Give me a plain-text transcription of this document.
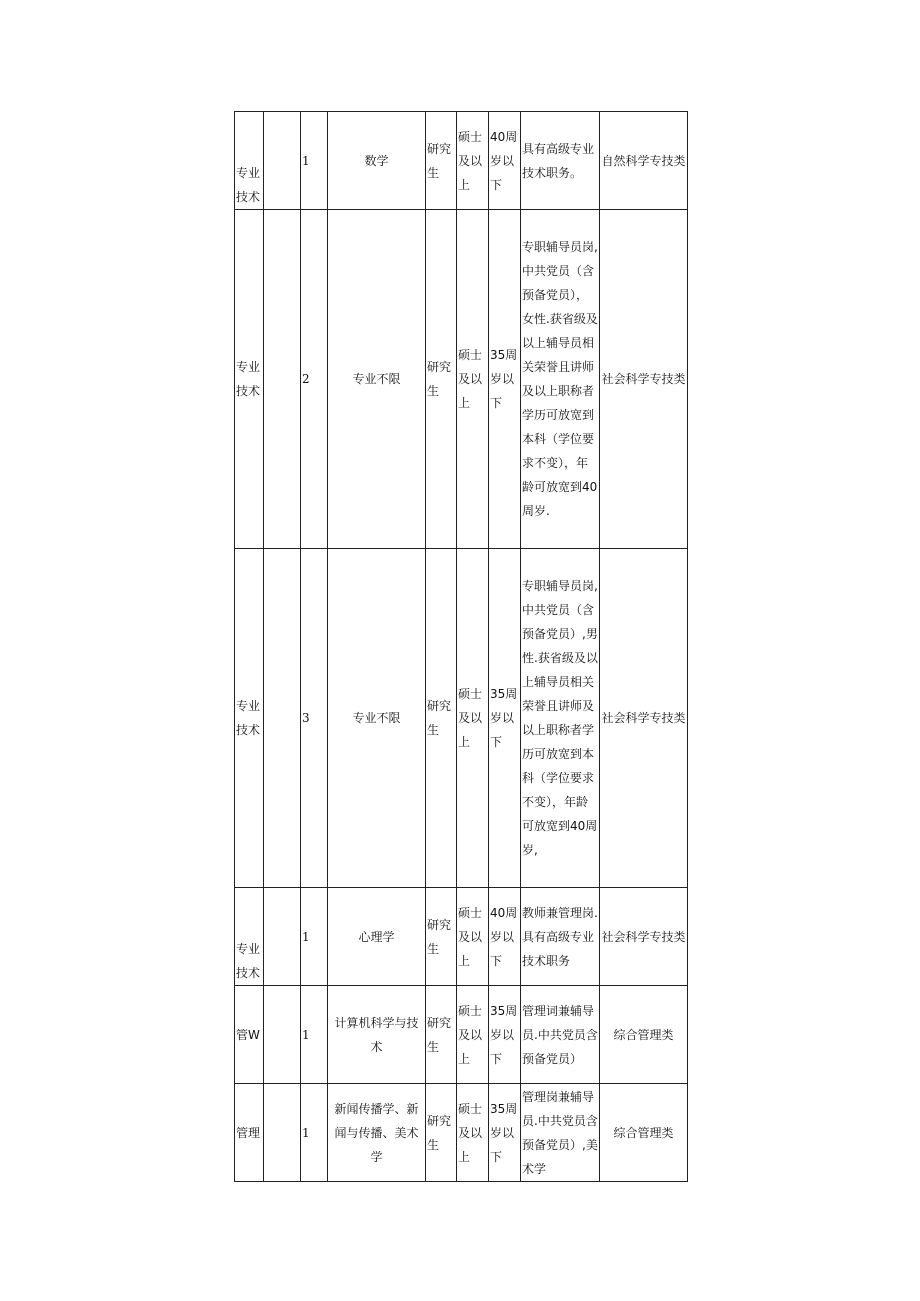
专业技术		1	数学	研究生	硕士及以上	40周岁以下	具有高级专业技术职务。	自然科学专技类
专业技术		2	专业不限	研究生	硕士及以上	35周岁以下	专职辅导员岗,中共党员（含预备党员），女性.获省级及以上辅导员相关荣誉且讲师及以上职称者学历可放宽到本科（学位要求不变），年龄可放宽到40周岁.	社会科学专技类
专业技术		3	专业不限	研究生	硕士及以上	35周岁以下	专职辅导员岗,中共党员（含预备党员）,男性.获省级及以上辅导员相关荣誉且讲师及以上职称者学历可放宽到本科（学位要求不变），年龄可放宽到40周岁,	社会科学专技类
专业技术		1	心理学	研究生	硕士及以上	40周岁以下	教师兼管理岗.具有高级专业技术职务	社会科学专技类
管W		1	计算机科学与技术	研究生	硕士及以上	35周岁以下	管理词兼辅导员.中共党员含预备党员）	综合管理类
管理		1	新闻传播学、新闻与传播、美术学	研究生	硕士及以上	35周岁以下	管理岗兼辅导员.中共党员含预备党员）,美术学	综合管理类
